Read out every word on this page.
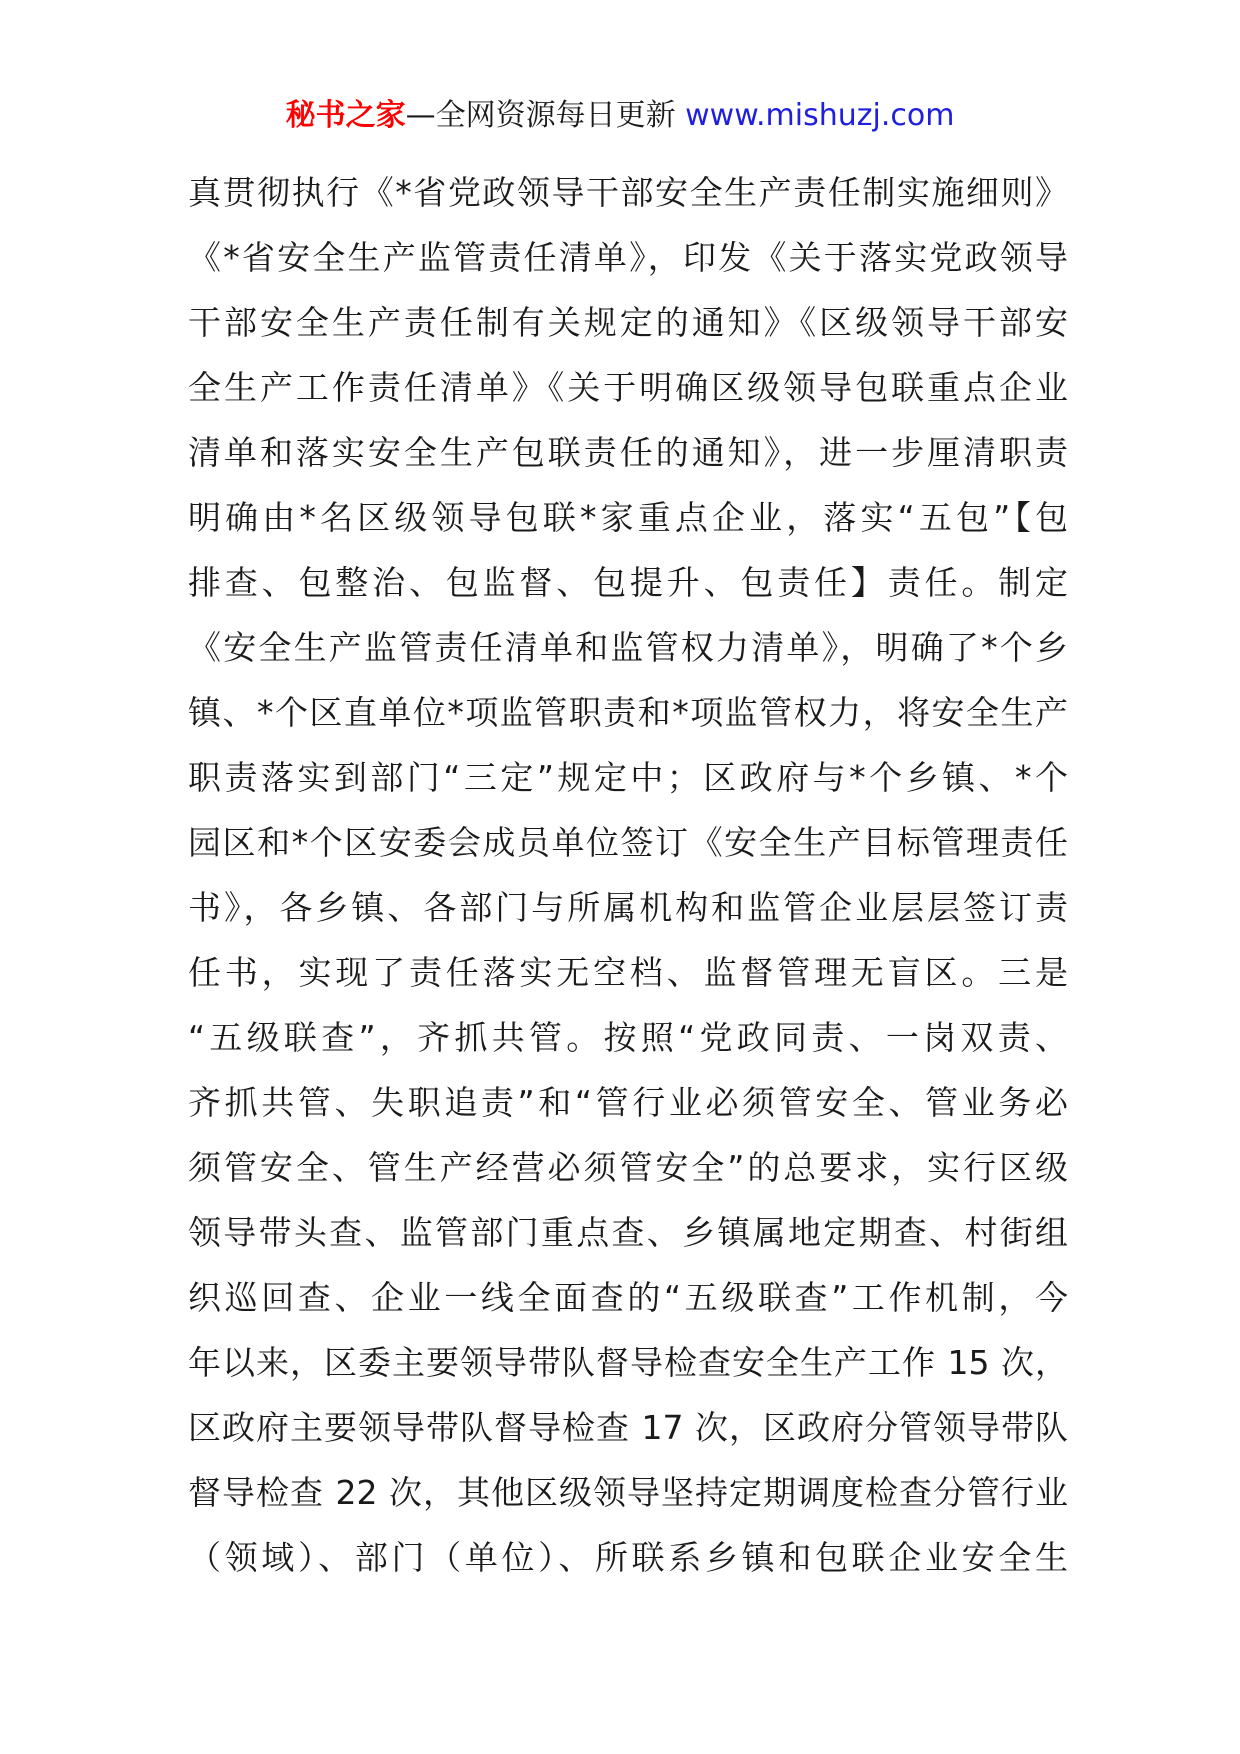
秘书之家—全网资源每日更新 www.mishuzj.com
真贯彻执行《*省党政领导干部安全生产责任制实施细则》
《*省安全生产监管责任清单》，印发《关于落实党政领导
干部安全生产责任制有关规定的通知》《区级领导干部安
全生产工作责任清单》《关于明确区级领导包联重点企业
清单和落实安全生产包联责任的通知》，进一步厘清职责
明确由*名区级领导包联*家重点企业，落实“五包”【包
排查、包整治、包监督、包提升、包责任】责任。制定
《安全生产监管责任清单和监管权力清单》，明确了*个乡
镇、*个区直单位*项监管职责和*项监管权力，将安全生产
职责落实到部门“三定”规定中；区政府与*个乡镇、*个
园区和*个区安委会成员单位签订《安全生产目标管理责任
书》，各乡镇、各部门与所属机构和监管企业层层签订责
任书，实现了责任落实无空档、监督管理无盲区。三是
“五级联查”，齐抓共管。按照“党政同责、一岗双责、
齐抓共管、失职追责”和“管行业必须管安全、管业务必
须管安全、管生产经营必须管安全”的总要求，实行区级
领导带头查、监管部门重点查、乡镇属地定期查、村街组
织巡回查、企业一线全面查的“五级联查”工作机制，今
年以来，区委主要领导带队督导检查安全生产工作 15 次，
区政府主要领导带队督导检查 17 次，区政府分管领导带队
督导检查 22 次，其他区级领导坚持定期调度检查分管行业
（领域）、部门（单位）、所联系乡镇和包联企业安全生
